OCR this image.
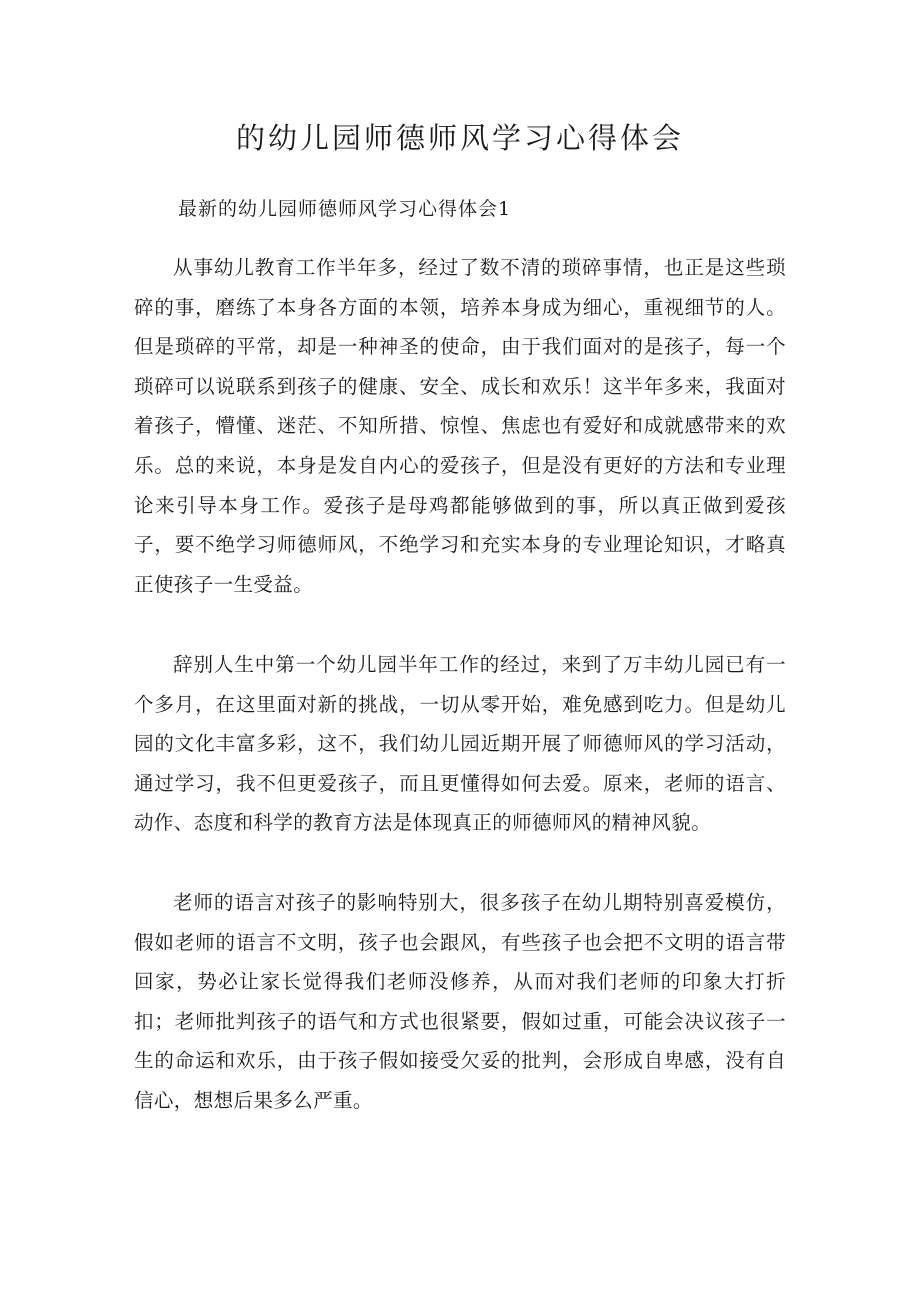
的幼儿园师德师风学习心得体会

最新的幼儿园师德师风学习心得体会1

从事幼儿教育工作半年多，经过了数不清的琐碎事情，也正是这些琐碎的事，磨练了本身各方面的本领，培养本身成为细心，重视细节的人。但是琐碎的平常，却是一种神圣的使命，由于我们面对的是孩子，每一个琐碎可以说联系到孩子的健康、安全、成长和欢乐！这半年多来，我面对着孩子，懵懂、迷茫、不知所措、惊惶、焦虑也有爱好和成就感带来的欢乐。总的来说，本身是发自内心的爱孩子，但是没有更好的方法和专业理论来引导本身工作。爱孩子是母鸡都能够做到的事，所以真正做到爱孩子，要不绝学习师德师风，不绝学习和充实本身的专业理论知识，才略真正使孩子一生受益。

辞别人生中第一个幼儿园半年工作的经过，来到了万丰幼儿园已有一个多月，在这里面对新的挑战，一切从零开始，难免感到吃力。但是幼儿园的文化丰富多彩，这不，我们幼儿园近期开展了师德师风的学习活动，通过学习，我不但更爱孩子，而且更懂得如何去爱。原来，老师的语言、动作、态度和科学的教育方法是体现真正的师德师风的精神风貌。

老师的语言对孩子的影响特别大，很多孩子在幼儿期特别喜爱模仿，假如老师的语言不文明，孩子也会跟风，有些孩子也会把不文明的语言带回家，势必让家长觉得我们老师没修养，从而对我们老师的印象大打折扣；老师批判孩子的语气和方式也很紧要，假如过重，可能会决议孩子一生的命运和欢乐，由于孩子假如接受欠妥的批判，会形成自卑感，没有自信心，想想后果多么严重。
